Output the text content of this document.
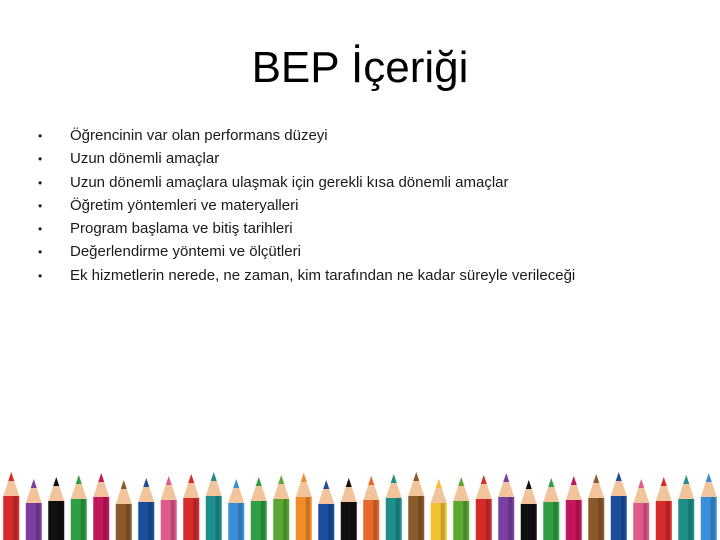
BEP İçeriği
•	Öğrencinin var olan performans düzeyi
•	Uzun dönemli amaçlar
•	Uzun dönemli amaçlara ulaşmak için gerekli kısa dönemli amaçlar
•	Öğretim yöntemleri ve materyalleri
•	Program başlama ve bitiş tarihleri
•	Değerlendirme yöntemi ve ölçütleri
•	Ek hizmetlerin nerede, ne zaman, kim tarafından ne kadar süreyle verileceği
